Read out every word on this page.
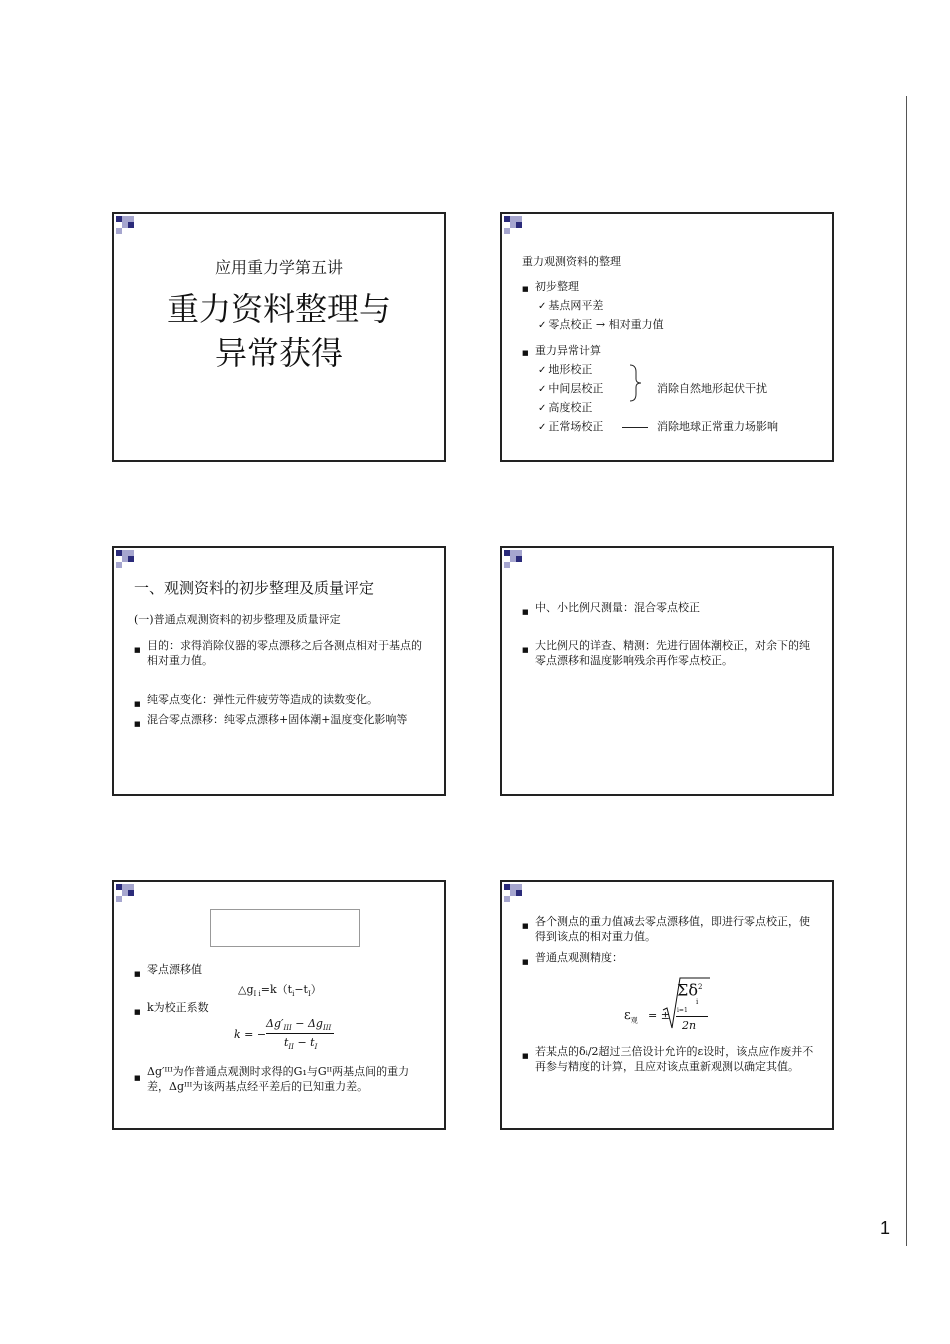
1
应用重力学第五讲
重力资料整理与
异常获得
重力观测资料的整理
■ 初步整理
✓ 基点网平差
✓ 零点校正 → 相对重力值
■ 重力异常计算
✓ 地形校正
✓ 中间层校正
✓ 高度校正
✓ 正常场校正
消除自然地形起伏干扰
消除地球正常重力场影响
一、观测资料的初步整理及质量评定
(一)普通点观测资料的初步整理及质量评定
■ 目的：求得消除仪器的零点漂移之后各测点相对于基点的相对重力值。
■ 纯零点变化：弹性元件疲劳等造成的读数变化。
■ 混合零点漂移：纯零点漂移+固体潮+温度变化影响等
■ 中、小比例尺测量：混合零点校正
■ 大比例尺的详查、精测：先进行固体潮校正，对余下的纯零点漂移和温度影响残余再作零点校正。
■ 零点漂移值
$\triangle g_{I i}=k(t_i-t_I)$
■ k为校正系数
k = −
$\Delta g'_{III} - \Delta g_{III}$
$t_{II} - t_I$
■ Δg′ᴵᴵᴵ为作普通点观测时求得的G₁与Gᴵᴵ两基点间的重力差，Δgᴵᴵᴵ为该两基点经平差后的已知重力差。
■ 各个测点的重力值减去零点漂移值，即进行零点校正，使得到该点的相对重力值。
■ 普通点观测精度：
$\varepsilon_观$ = ±
$\Sigma\delta^2$
i
i=1
2n
■ 若某点的δᵢ/2超过三倍设计允许的ε设时，该点应作废并不再参与精度的计算，且应对该点重新观测以确定其值。
